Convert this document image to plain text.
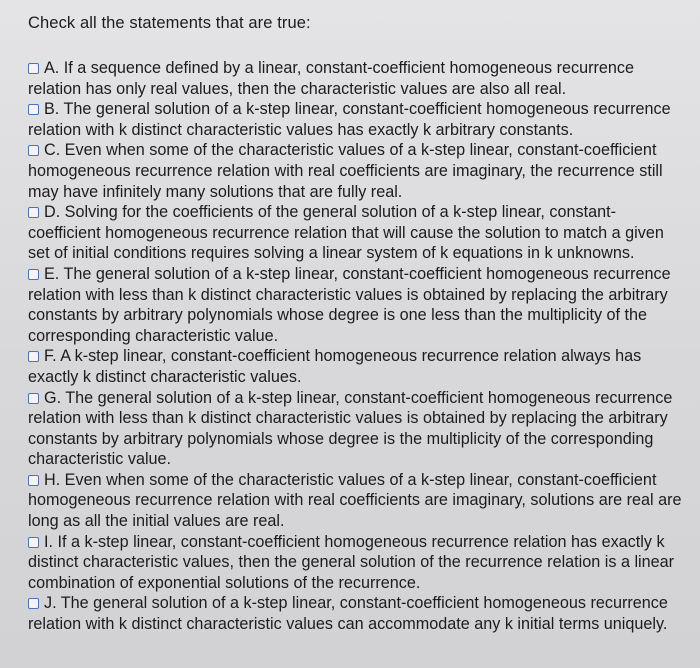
Check all the statements that are true:
A. If a sequence defined by a linear, constant-coefficient homogeneous recurrence relation has only real values, then the characteristic values are also all real.
B. The general solution of a k-step linear, constant-coefficient homogeneous recurrence relation with k distinct characteristic values has exactly k arbitrary constants.
C. Even when some of the characteristic values of a k-step linear, constant-coefficient homogeneous recurrence relation with real coefficients are imaginary, the recurrence still may have infinitely many solutions that are fully real.
D. Solving for the coefficients of the general solution of a k-step linear, constant-coefficient homogeneous recurrence relation that will cause the solution to match a given set of initial conditions requires solving a linear system of k equations in k unknowns.
E. The general solution of a k-step linear, constant-coefficient homogeneous recurrence relation with less than k distinct characteristic values is obtained by replacing the arbitrary constants by arbitrary polynomials whose degree is one less than the multiplicity of the corresponding characteristic value.
F. A k-step linear, constant-coefficient homogeneous recurrence relation always has exactly k distinct characteristic values.
G. The general solution of a k-step linear, constant-coefficient homogeneous recurrence relation with less than k distinct characteristic values is obtained by replacing the arbitrary constants by arbitrary polynomials whose degree is the multiplicity of the corresponding characteristic value.
H. Even when some of the characteristic values of a k-step linear, constant-coefficient homogeneous recurrence relation with real coefficients are imaginary, solutions are real are long as all the initial values are real.
I. If a k-step linear, constant-coefficient homogeneous recurrence relation has exactly k distinct characteristic values, then the general solution of the recurrence relation is a linear combination of exponential solutions of the recurrence.
J. The general solution of a k-step linear, constant-coefficient homogeneous recurrence relation with k distinct characteristic values can accommodate any k initial terms uniquely.
